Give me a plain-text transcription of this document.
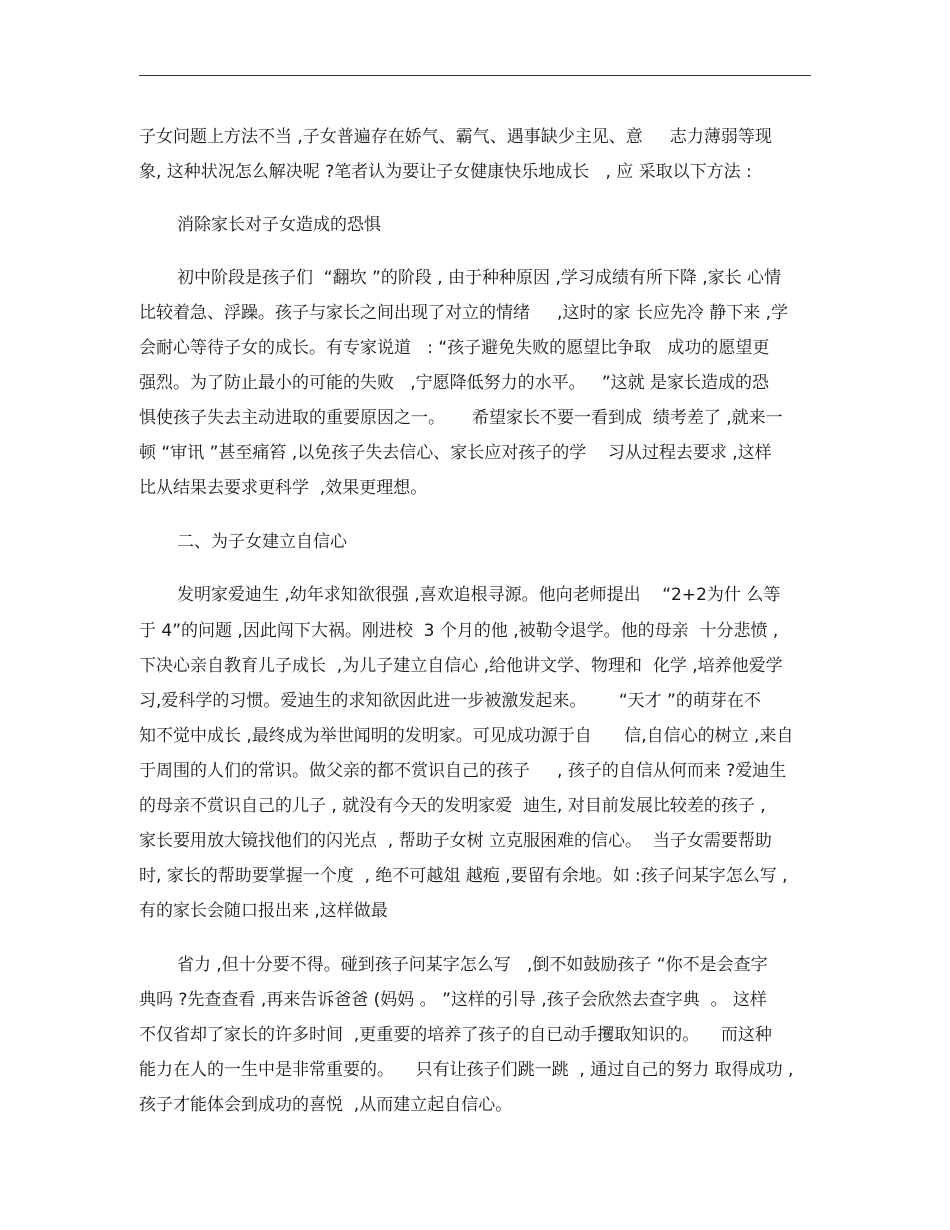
子女问题上方法不当 ,子女普遍存在娇气、霸气、遇事缺少主见、意     志力薄弱等现
象, 这种状况怎么解决呢 ?笔者认为要让子女健康快乐地成长   , 应 采取以下方法 :
消除家长对子女造成的恐惧
初中阶段是孩子们  “翻坎 ”的阶段 , 由于种种原因 ,学习成绩有所下降 ,家长 心情
比较着急、浮躁。孩子与家长之间出现了对立的情绪     ,这时的家 长应先冷 静下来 ,学
会耐心等待子女的成长。有专家说道   : “孩子避免失败的愿望比争取   成功的愿望更
强烈。为了防止最小的可能的失败   ,宁愿降低努力的水平。   ”这就 是家长造成的恐
惧使孩子失去主动进取的重要原因之一。     希望家长不要一看到成  绩考差了 ,就来一
顿 “审讯 ”甚至痛笞 ,以免孩子失去信心、家长应对孩子的学    习从过程去要求 ,这样
比从结果去要求更科学  ,效果更理想。
二、为子女建立自信心
发明家爱迪生 ,幼年求知欲很强 ,喜欢追根寻源。他向老师提出    “2+2为什 么等
于 4”的问题 ,因此闯下大祸。刚进校  3 个月的他 ,被勒令退学。他的母亲  十分悲愤 ,
下决心亲自教育儿子成长  ,为儿子建立自信心 ,给他讲文学、物理和  化学 ,培养他爱学
习,爱科学的习惯。爱迪生的求知欲因此进一步被激发起来。      “天才 ”的萌芽在不
知不觉中成长 ,最终成为举世闻明的发明家。可见成功源于自      信,自信心的树立 ,来自
于周围的人们的常识。做父亲的都不赏识自己的孩子     , 孩子的自信从何而来 ?爱迪生
的母亲不赏识自己的儿子 , 就没有今天的发明家爱  迪生, 对目前发展比较差的孩子 ,
家长要用放大镜找他们的闪光点  , 帮助子女树 立克服困难的信心。  当子女需要帮助
时, 家长的帮助要掌握一个度  , 绝不可越俎 越疱 ,要留有余地。如 :孩子问某字怎么写 ,
有的家长会随口报出来 ,这样做最
省力 ,但十分要不得。碰到孩子问某字怎么写   ,倒不如鼓励孩子 “你不是会查字
典吗 ?先查查看 ,再来告诉爸爸 (妈妈 。 ”这样的引导 ,孩子会欣然去查字典  。 这样
不仅省却了家长的许多时间  ,更重要的培养了孩子的自已动手攫取知识的。    而这种
能力在人的一生中是非常重要的。    只有让孩子们跳一跳  , 通过自己的努力 取得成功 ,
孩子才能体会到成功的喜悦  ,从而建立起自信心。
